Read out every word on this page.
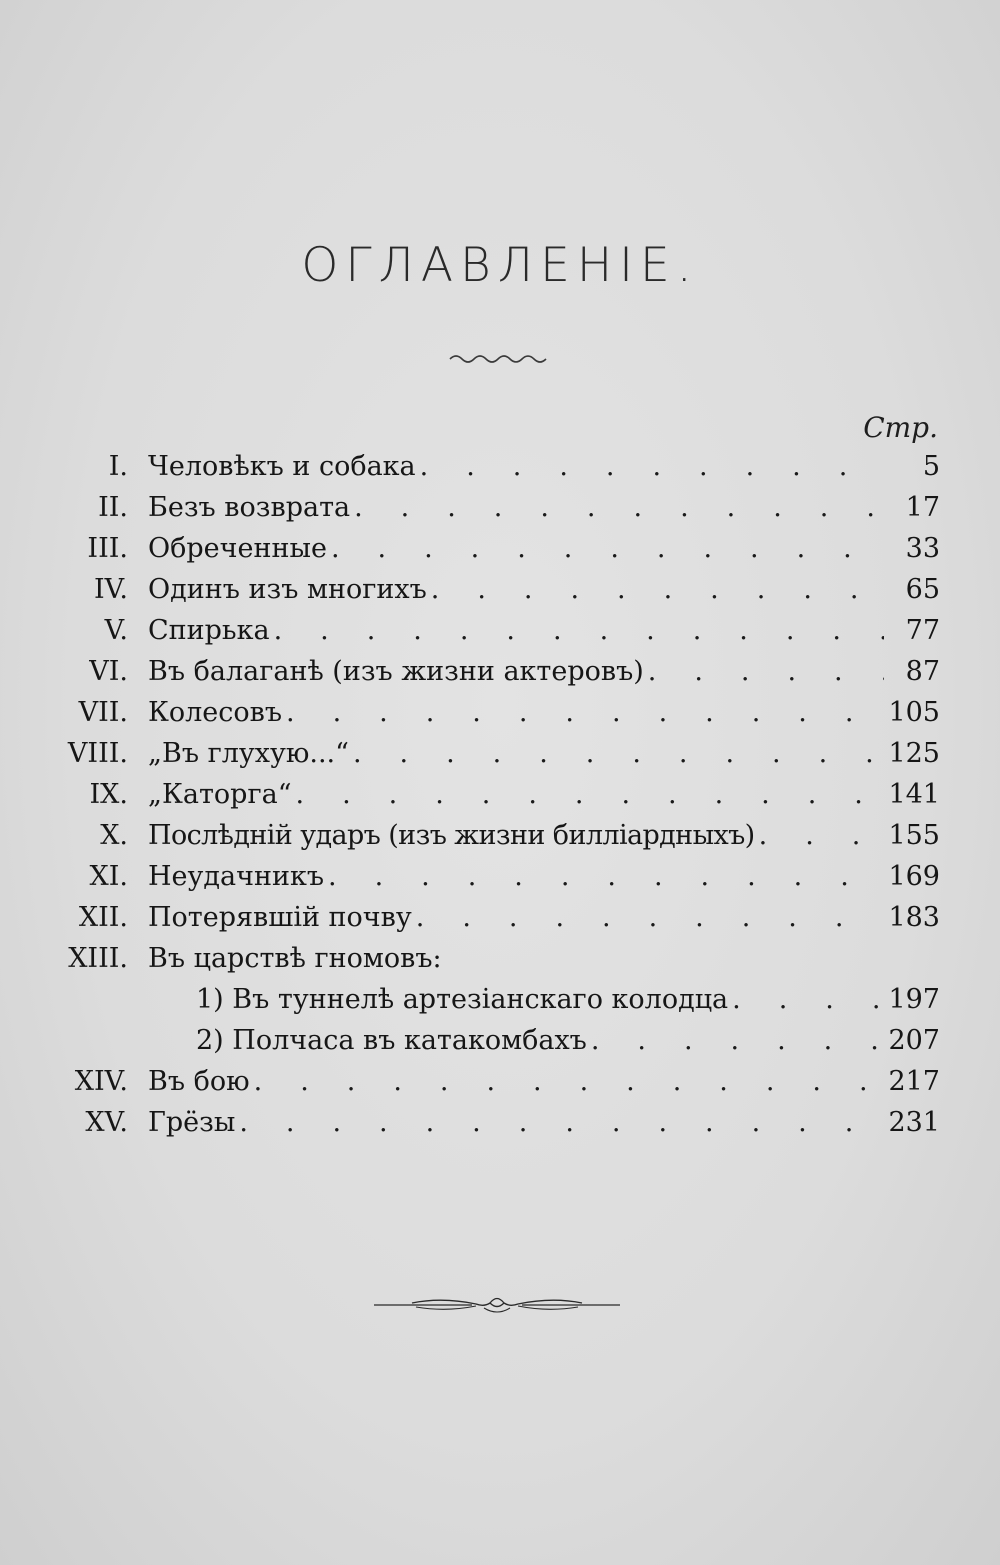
ОГЛАВЛЕНІЕ.
Стр.
I. Человѣкъ и собака . . .	5
II. Безъ возврата . . .	17
III. Обреченные . . .	33
IV. Одинъ изъ многихъ . . .	65
V. Спирька . . .	77
VI. Въ балаганѣ (изъ жизни актеровъ) . . .	87
VII. Колесовъ . . .	105
VIII. „Въ глухую...“ . . .	125
IX. „Каторга“ . . .	141
X. Послѣдній ударъ (изъ жизни билліардныхъ) . . .	155
XI. Неудачникъ . . .	169
XII. Потерявшій почву . . .	183
XIII. Въ царствѣ гномовъ:
1) Въ туннелѣ артезіанскаго колодца . . .	197
2) Полчаса въ катакомбахъ . . .	207
XIV. Въ бою . . .	217
XV. Грёзы . . .	231
